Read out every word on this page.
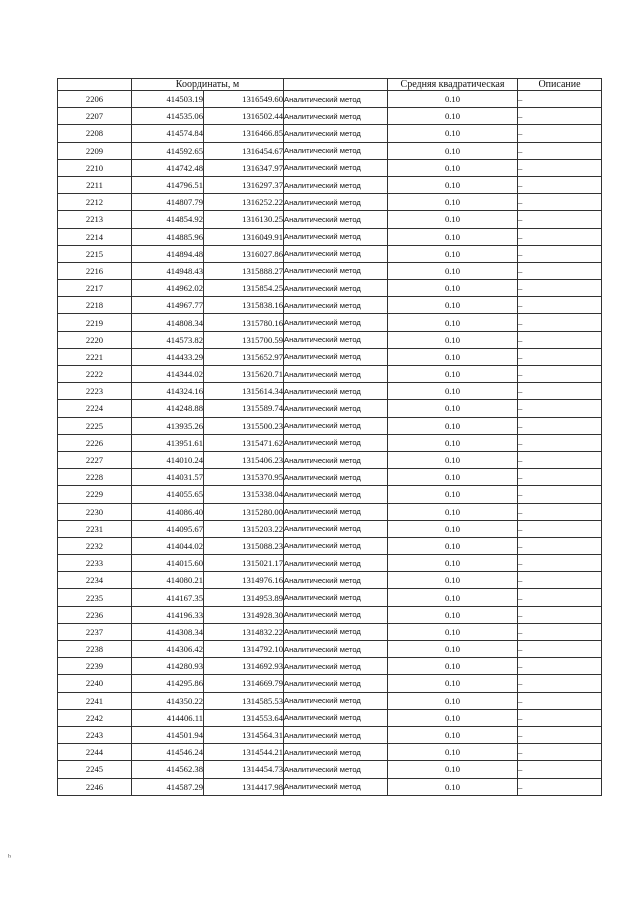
	Координаты, м			Средняя квадратическая	Описание
2206	414503.19	1316549.60	Аналитический метод	0.10	–
2207	414535.06	1316502.44	Аналитический метод	0.10	–
2208	414574.84	1316466.85	Аналитический метод	0.10	–
2209	414592.65	1316454.67	Аналитический метод	0.10	–
2210	414742.48	1316347.97	Аналитический метод	0.10	–
2211	414796.51	1316297.37	Аналитический метод	0.10	–
2212	414807.79	1316252.22	Аналитический метод	0.10	–
2213	414854.92	1316130.25	Аналитический метод	0.10	–
2214	414885.96	1316049.91	Аналитический метод	0.10	–
2215	414894.48	1316027.86	Аналитический метод	0.10	–
2216	414948.43	1315888.27	Аналитический метод	0.10	–
2217	414962.02	1315854.25	Аналитический метод	0.10	–
2218	414967.77	1315838.16	Аналитический метод	0.10	–
2219	414808.34	1315780.16	Аналитический метод	0.10	–
2220	414573.82	1315700.59	Аналитический метод	0.10	–
2221	414433.29	1315652.97	Аналитический метод	0.10	–
2222	414344.02	1315620.71	Аналитический метод	0.10	–
2223	414324.16	1315614.34	Аналитический метод	0.10	–
2224	414248.88	1315589.74	Аналитический метод	0.10	–
2225	413935.26	1315500.23	Аналитический метод	0.10	–
2226	413951.61	1315471.62	Аналитический метод	0.10	–
2227	414010.24	1315406.23	Аналитический метод	0.10	–
2228	414031.57	1315370.95	Аналитический метод	0.10	–
2229	414055.65	1315338.04	Аналитический метод	0.10	–
2230	414086.40	1315280.00	Аналитический метод	0.10	–
2231	414095.67	1315203.22	Аналитический метод	0.10	–
2232	414044.02	1315088.23	Аналитический метод	0.10	–
2233	414015.60	1315021.17	Аналитический метод	0.10	–
2234	414080.21	1314976.16	Аналитический метод	0.10	–
2235	414167.35	1314953.89	Аналитический метод	0.10	–
2236	414196.33	1314928.30	Аналитический метод	0.10	–
2237	414308.34	1314832.22	Аналитический метод	0.10	–
2238	414306.42	1314792.10	Аналитический метод	0.10	–
2239	414280.93	1314692.93	Аналитический метод	0.10	–
2240	414295.86	1314669.79	Аналитический метод	0.10	–
2241	414350.22	1314585.53	Аналитический метод	0.10	–
2242	414406.11	1314553.64	Аналитический метод	0.10	–
2243	414501.94	1314564.31	Аналитический метод	0.10	–
2244	414546.24	1314544.21	Аналитический метод	0.10	–
2245	414562.38	1314454.73	Аналитический метод	0.10	–
2246	414587.29	1314417.98	Аналитический метод	0.10	–
ʰ
